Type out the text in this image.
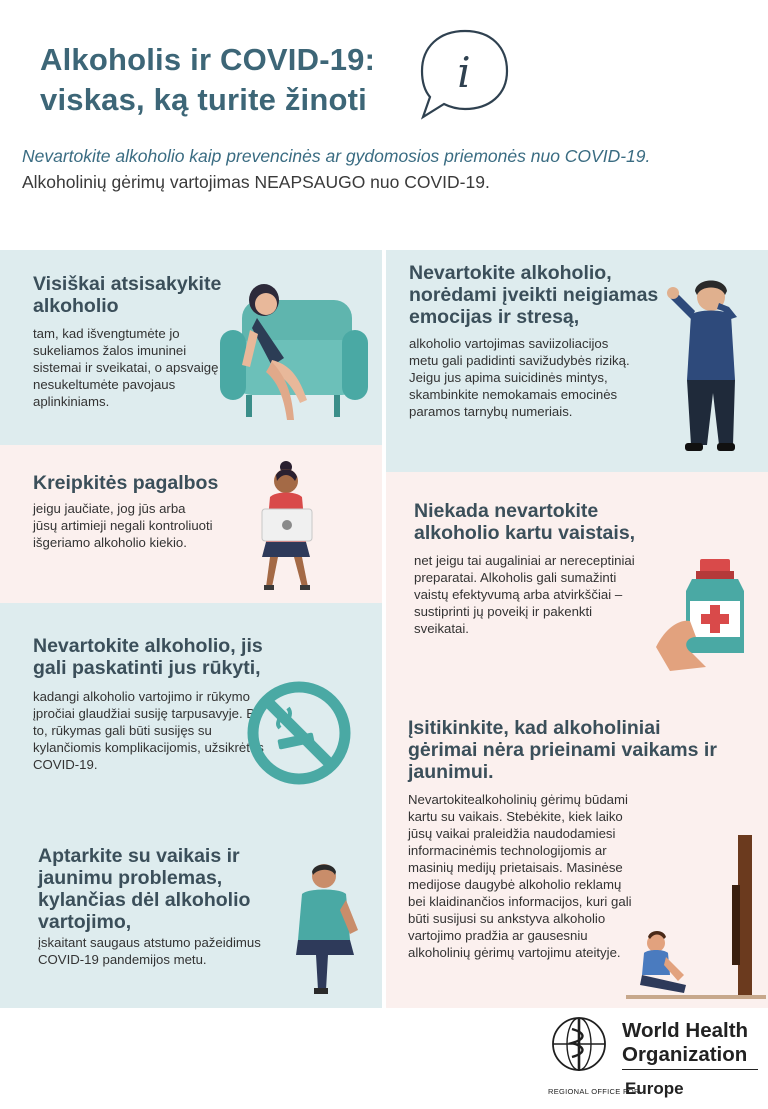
Alkoholis ir COVID-19:
viskas, ką turite žinoti
i
Nevartokite alkoholio kaip prevencinės ar gydomosios priemonės nuo COVID-19.
Alkoholinių gėrimų vartojimas NEAPSAUGO nuo COVID-19.
Visiškai atsisakykite alkoholio
tam, kad išvengtumėte jo sukeliamos žalos imuninei sistemai ir sveikatai, o apsvaigę nesukeltumėte pavojaus aplinkiniams.
Kreipkitės pagalbos
jeigu jaučiate, jog jūs arba jūsų artimieji negali kontroliuoti išgeriamo alkoholio kiekio.
Nevartokite alkoholio, jis gali paskatinti jus rūkyti,
kadangi alkoholio vartojimo ir rūkymo įpročiai glaudžiai susiję tarpusavyje. Be to, rūkymas gali būti susijęs su kylančiomis komplikacijomis, užsikrėtus COVID-19.
Aptarkite su vaikais ir jaunimu problemas, kylančias dėl alkoholio vartojimo,
įskaitant saugaus atstumo pažeidimus COVID-19 pandemijos metu.
Nevartokite alkoholio, norėdami įveikti neigiamas emocijas ir stresą,
alkoholio vartojimas saviizoliacijos metu gali padidinti savižudybės riziką. Jeigu jus apima suicidinės mintys, skambinkite nemokamais emocinės paramos tarnybų numeriais.
Niekada nevartokite alkoholio kartu vaistais,
net jeigu tai augaliniai ar nereceptiniai preparatai. Alkoholis gali sumažinti vaistų efektyvumą arba atvirkščiai – sustiprinti jų poveikį ir pakenkti sveikatai.
Įsitikinkite, kad alkoholiniai gėrimai nėra prieinami vaikams ir jaunimui.
Nevartokitealkoholinių gėrimų būdami kartu su vaikais. Stebėkite, kiek laiko jūsų vaikai praleidžia naudodamiesi informacinėmis technologijomis ar masinių medijų prietaisais. Masinėse medijose daugybė alkoholio reklamų bei klaidinančios informacijos, kuri gali būti susijusi su ankstyva alkoholio vartojimo pradžia ar gausesniu alkoholinių gėrimų vartojimu ateityje.
World Health
Organization
REGIONAL OFFICE FOR
Europe
